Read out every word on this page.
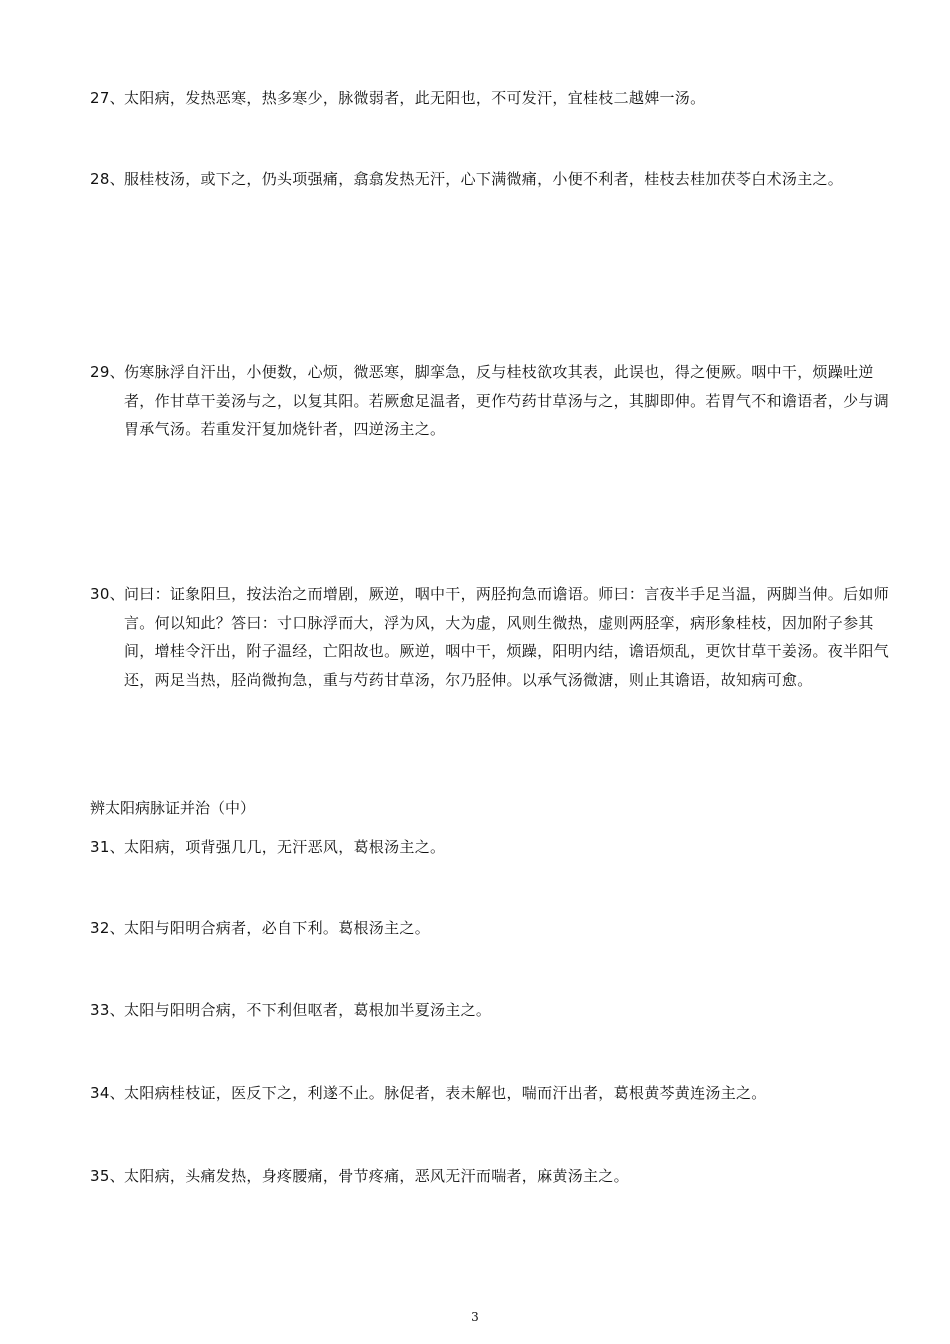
27、太阳病，发热恶寒，热多寒少，脉微弱者，此无阳也，不可发汗，宜桂枝二越婢一汤。

28、服桂枝汤，或下之，仍头项强痛，翕翕发热无汗，心下满微痛，小便不利者，桂枝去桂加茯苓白术汤主之。

29、伤寒脉浮自汗出，小便数，心烦，微恶寒，脚挛急，反与桂枝欲攻其表，此误也，得之便厥。咽中干，烦躁吐逆者，作甘草干姜汤与之，以复其阳。若厥愈足温者，更作芍药甘草汤与之，其脚即伸。若胃气不和谵语者，少与调胃承气汤。若重发汗复加烧针者，四逆汤主之。

30、问曰：证象阳旦，按法治之而增剧，厥逆，咽中干，两胫拘急而谵语。师曰：言夜半手足当温，两脚当伸。后如师言。何以知此？答曰：寸口脉浮而大，浮为风，大为虚，风则生微热，虚则两胫挛，病形象桂枝，因加附子参其间，增桂令汗出，附子温经，亡阳故也。厥逆，咽中干，烦躁，阳明内结，谵语烦乱，更饮甘草干姜汤。夜半阳气还，两足当热，胫尚微拘急，重与芍药甘草汤，尔乃胫伸。以承气汤微溏，则止其谵语，故知病可愈。

辨太阳病脉证并治（中）

31、太阳病，项背强几几，无汗恶风，葛根汤主之。

32、太阳与阳明合病者，必自下利。葛根汤主之。

33、太阳与阳明合病，不下利但呕者，葛根加半夏汤主之。

34、太阳病桂枝证，医反下之，利遂不止。脉促者，表未解也，喘而汗出者，葛根黄芩黄连汤主之。

35、太阳病，头痛发热，身疼腰痛，骨节疼痛，恶风无汗而喘者，麻黄汤主之。

3
